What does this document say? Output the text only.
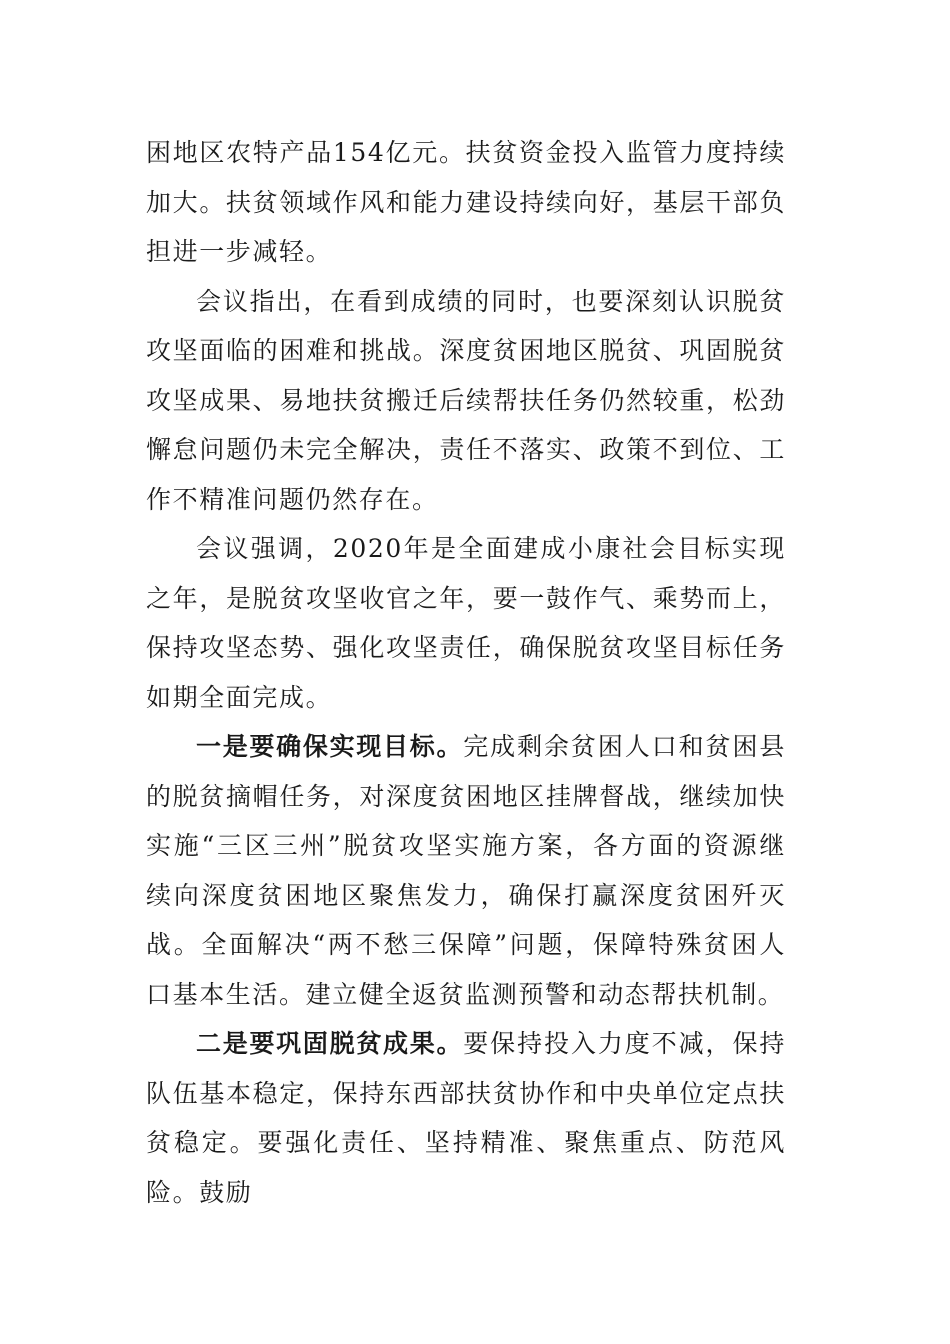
困地区农特产品154亿元。扶贫资金投入监管力度持续加大。扶贫领域作风和能力建设持续向好，基层干部负担进一步减轻。

会议指出，在看到成绩的同时，也要深刻认识脱贫攻坚面临的困难和挑战。深度贫困地区脱贫、巩固脱贫攻坚成果、易地扶贫搬迁后续帮扶任务仍然较重，松劲懈怠问题仍未完全解决，责任不落实、政策不到位、工作不精准问题仍然存在。

会议强调，2020年是全面建成小康社会目标实现之年，是脱贫攻坚收官之年，要一鼓作气、乘势而上，保持攻坚态势、强化攻坚责任，确保脱贫攻坚目标任务如期全面完成。

一是要确保实现目标。完成剩余贫困人口和贫困县的脱贫摘帽任务，对深度贫困地区挂牌督战，继续加快实施“三区三州”脱贫攻坚实施方案，各方面的资源继续向深度贫困地区聚焦发力，确保打赢深度贫困歼灭战。全面解决“两不愁三保障”问题，保障特殊贫困人口基本生活。建立健全返贫监测预警和动态帮扶机制。

二是要巩固脱贫成果。要保持投入力度不减，保持队伍基本稳定，保持东西部扶贫协作和中央单位定点扶贫稳定。要强化责任、坚持精准、聚焦重点、防范风险。鼓励
